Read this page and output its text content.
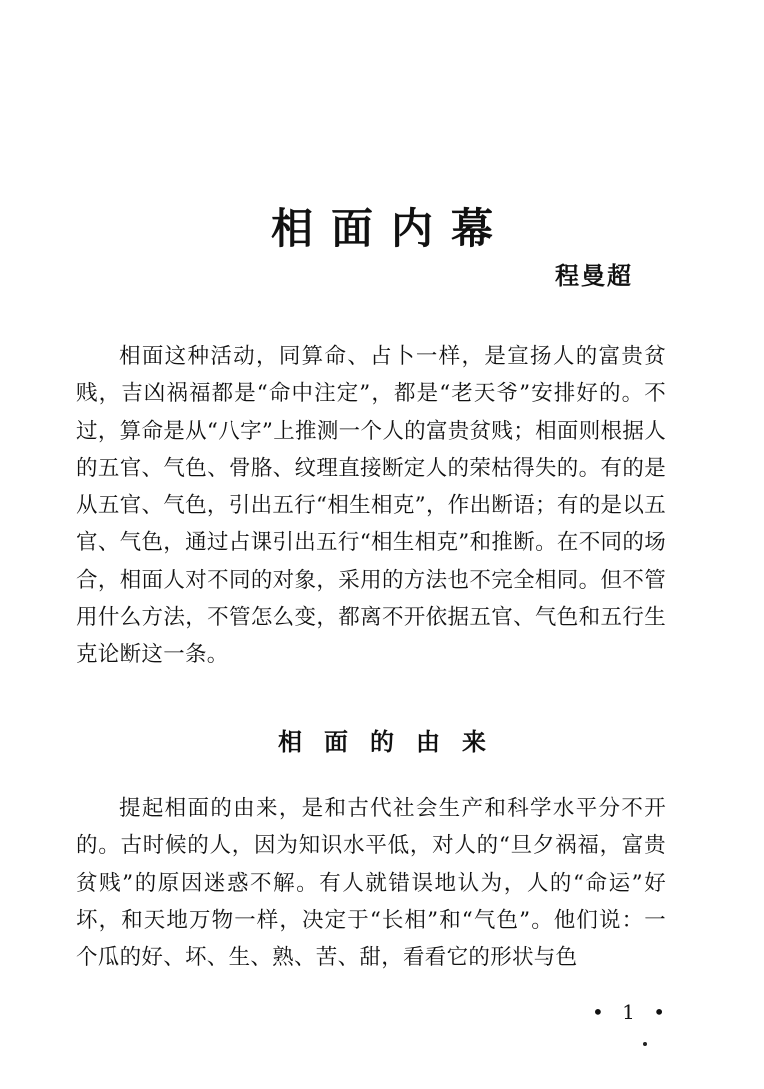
相面内幕

程曼超

相面这种活动，同算命、占卜一样，是宣扬人的富贵贫贱，吉凶祸福都是“命中注定”，都是“老天爷”安排好的。不过，算命是从“八字”上推测一个人的富贵贫贱；相面则根据人的五官、气色、骨胳、纹理直接断定人的荣枯得失的。有的是从五官、气色，引出五行“相生相克”，作出断语；有的是以五官、气色，通过占课引出五行“相生相克”和推断。在不同的场合，相面人对不同的对象，采用的方法也不完全相同。但不管用什么方法，不管怎么变，都离不开依据五官、气色和五行生克论断这一条。

相面的由来

提起相面的由来，是和古代社会生产和科学水平分不开的。古时候的人，因为知识水平低，对人的“旦夕祸福，富贵贫贱”的原因迷惑不解。有人就错误地认为，人的“命运”好坏，和天地万物一样，决定于“长相”和“气色”。他们说：一个瓜的好、坏、生、熟、苦、甜，看看它的形状与色

• 1 •
